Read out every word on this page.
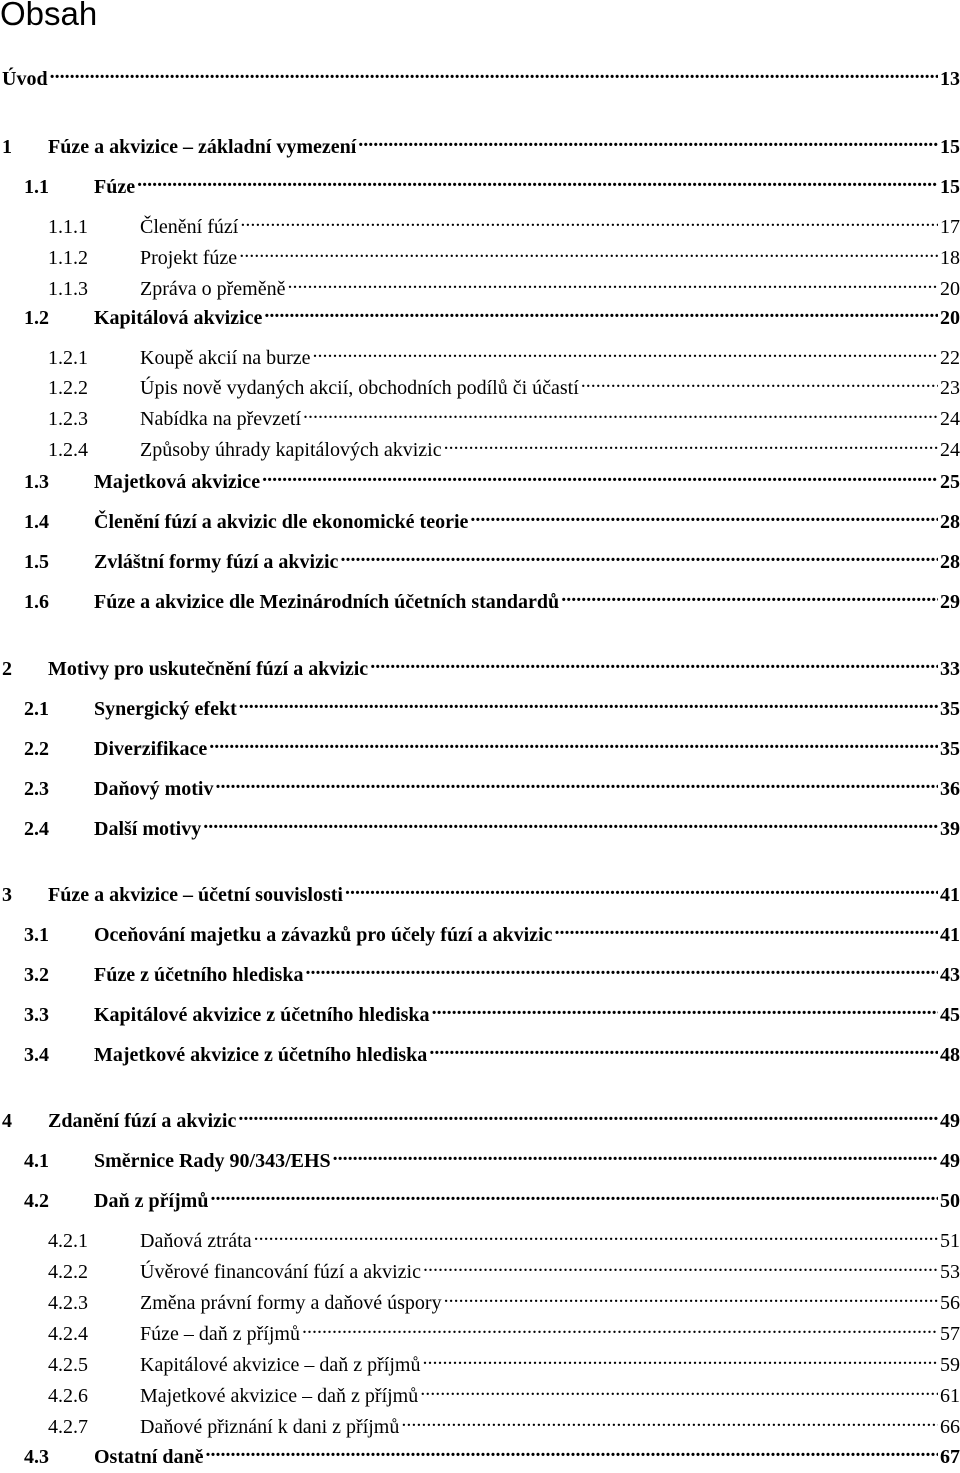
Obsah
Úvod .....	13
1	Fúze a akvizice – základní vymezení .....	15
1.1	Fúze .....	15
1.1.1	Členění fúzí .....	17
1.1.2	Projekt fúze .....	18
1.1.3	Zpráva o přeměně .....	20
1.2	Kapitálová akvizice .....	20
1.2.1	Koupě akcií na burze .....	22
1.2.2	Úpis nově vydaných akcií, obchodních podílů či účastí .....	23
1.2.3	Nabídka na převzetí .....	24
1.2.4	Způsoby úhrady kapitálových akvizic .....	24
1.3	Majetková akvizice .....	25
1.4	Členění fúzí a akvizic dle ekonomické teorie .....	28
1.5	Zvláštní formy fúzí a akvizic .....	28
1.6	Fúze a akvizice dle Mezinárodních účetních standardů .....	29
2	Motivy pro uskutečnění fúzí a akvizic .....	33
2.1	Synergický efekt .....	35
2.2	Diverzifikace .....	35
2.3	Daňový motiv .....	36
2.4	Další motivy .....	39
3	Fúze a akvizice – účetní souvislosti .....	41
3.1	Oceňování majetku a závazků pro účely fúzí a akvizic .....	41
3.2	Fúze z účetního hlediska .....	43
3.3	Kapitálové akvizice z účetního hlediska .....	45
3.4	Majetkové akvizice z účetního hlediska .....	48
4	Zdanění fúzí a akvizic .....	49
4.1	Směrnice Rady 90/343/EHS .....	49
4.2	Daň z příjmů .....	50
4.2.1	Daňová ztráta .....	51
4.2.2	Úvěrové financování fúzí a akvizic .....	53
4.2.3	Změna právní formy a daňové úspory .....	56
4.2.4	Fúze – daň z příjmů .....	57
4.2.5	Kapitálové akvizice – daň z příjmů .....	59
4.2.6	Majetkové akvizice – daň z příjmů .....	61
4.2.7	Daňové přiznání k dani z příjmů .....	66
4.3	Ostatní daně .....	67
